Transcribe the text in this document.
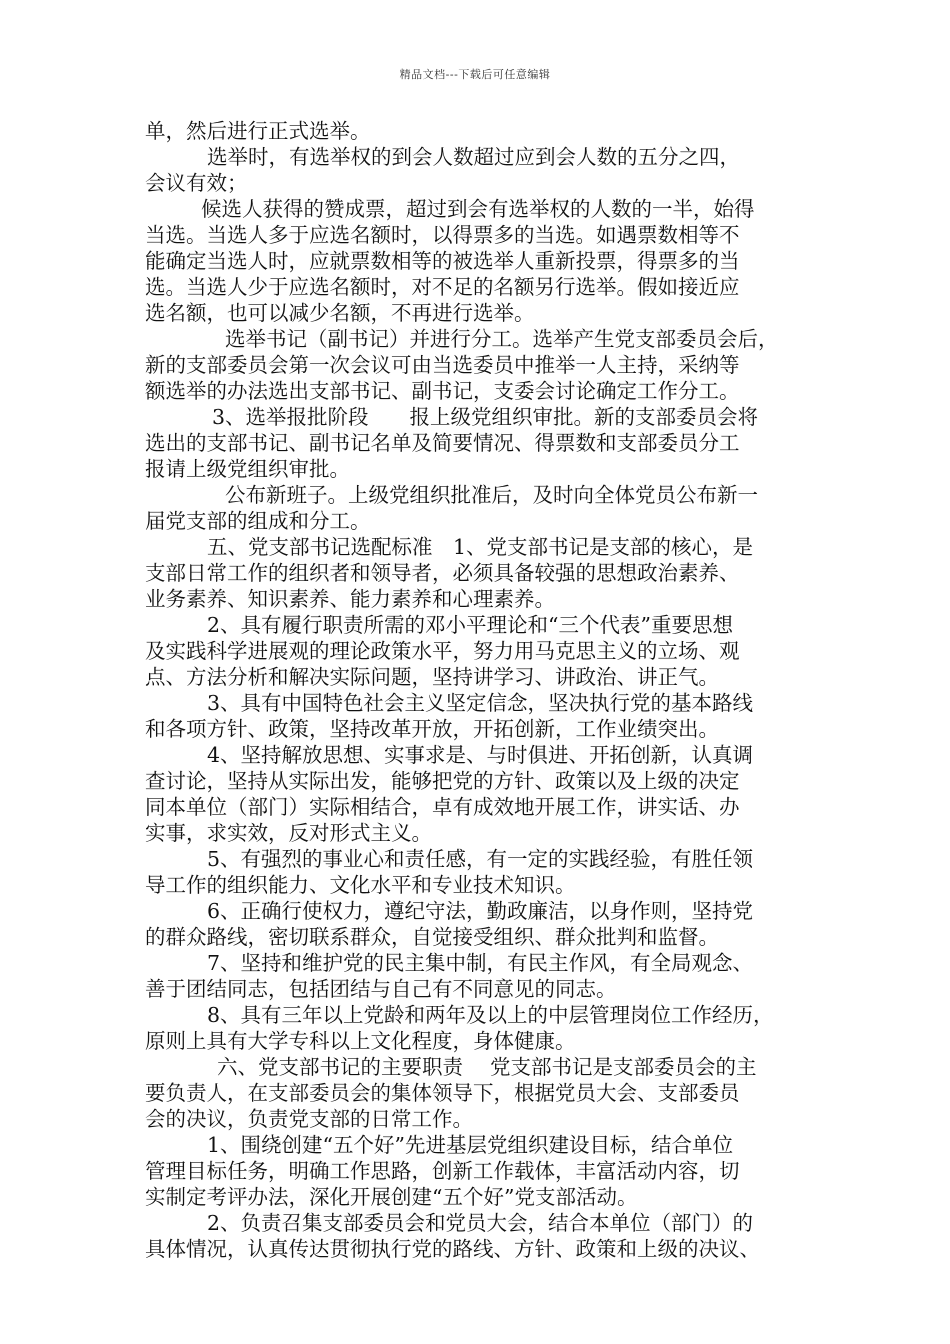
精品文档---下载后可任意编辑
单，然后进行正式选举。
选举时，有选举权的到会人数超过应到会人数的五分之四，
会议有效；
候选人获得的赞成票，超过到会有选举权的人数的一半，始得
当选。当选人多于应选名额时，以得票多的当选。如遇票数相等不
能确定当选人时，应就票数相等的被选举人重新投票，得票多的当
选。当选人少于应选名额时，对不足的名额另行选举。假如接近应
选名额，也可以减少名额，不再进行选举。
选举书记（副书记）并进行分工。选举产生党支部委员会后，
新的支部委员会第一次会议可由当选委员中推举一人主持，采纳等
额选举的办法选出支部书记、副书记，支委会讨论确定工作分工。
3、选举报批阶段　　报上级党组织审批。新的支部委员会将
选出的支部书记、副书记名单及简要情况、得票数和支部委员分工
报请上级党组织审批。
公布新班子。上级党组织批准后，及时向全体党员公布新一
届党支部的组成和分工。
五、党支部书记选配标准　1、党支部书记是支部的核心，是
支部日常工作的组织者和领导者，必须具备较强的思想政治素养、
业务素养、知识素养、能力素养和心理素养。
2、具有履行职责所需的邓小平理论和“三个代表”重要思想
及实践科学进展观的理论政策水平，努力用马克思主义的立场、观
点、方法分析和解决实际问题，坚持讲学习、讲政治、讲正气。
3、具有中国特色社会主义坚定信念，坚决执行党的基本路线
和各项方针、政策，坚持改革开放，开拓创新，工作业绩突出。
4、坚持解放思想、实事求是、与时俱进、开拓创新，认真调
查讨论，坚持从实际出发，能够把党的方针、政策以及上级的决定
同本单位（部门）实际相结合，卓有成效地开展工作，讲实话、办
实事，求实效，反对形式主义。
5、有强烈的事业心和责任感，有一定的实践经验，有胜任领
导工作的组织能力、文化水平和专业技术知识。
6、正确行使权力，遵纪守法，勤政廉洁，以身作则，坚持党
的群众路线，密切联系群众，自觉接受组织、群众批判和监督。
7、坚持和维护党的民主集中制，有民主作风，有全局观念、
善于团结同志，包括团结与自己有不同意见的同志。
8、具有三年以上党龄和两年及以上的中层管理岗位工作经历，
原则上具有大学专科以上文化程度，身体健康。
六、党支部书记的主要职责　 党支部书记是支部委员会的主
要负责人，在支部委员会的集体领导下，根据党员大会、支部委员
会的决议，负责党支部的日常工作。
1、围绕创建“五个好”先进基层党组织建设目标，结合单位
管理目标任务，明确工作思路，创新工作载体，丰富活动内容，切
实制定考评办法，深化开展创建“五个好”党支部活动。
2、负责召集支部委员会和党员大会，结合本单位（部门）的
具体情况，认真传达贯彻执行党的路线、方针、政策和上级的决议、
